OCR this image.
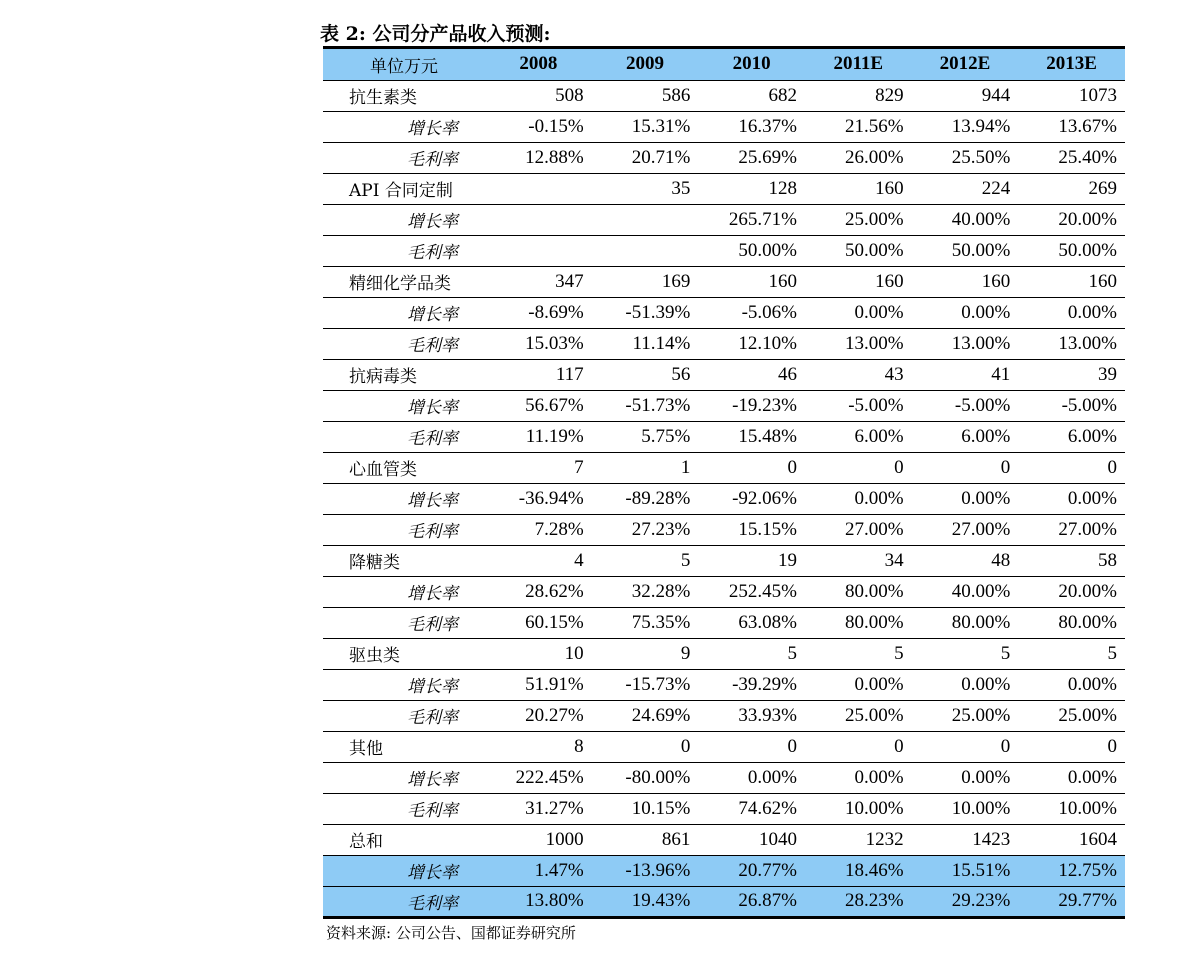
表 2: 公司分产品收入预测:
单位万元	2008	2009	2010	2011E	2012E	2013E
抗生素类	508	586	682	829	944	1073
增长率	-0.15%	15.31%	16.37%	21.56%	13.94%	13.67%
毛利率	12.88%	20.71%	25.69%	26.00%	25.50%	25.40%
API 合同定制		35	128	160	224	269
增长率			265.71%	25.00%	40.00%	20.00%
毛利率			50.00%	50.00%	50.00%	50.00%
精细化学品类	347	169	160	160	160	160
增长率	-8.69%	-51.39%	-5.06%	0.00%	0.00%	0.00%
毛利率	15.03%	11.14%	12.10%	13.00%	13.00%	13.00%
抗病毒类	117	56	46	43	41	39
增长率	56.67%	-51.73%	-19.23%	-5.00%	-5.00%	-5.00%
毛利率	11.19%	5.75%	15.48%	6.00%	6.00%	6.00%
心血管类	7	1	0	0	0	0
增长率	-36.94%	-89.28%	-92.06%	0.00%	0.00%	0.00%
毛利率	7.28%	27.23%	15.15%	27.00%	27.00%	27.00%
降糖类	4	5	19	34	48	58
增长率	28.62%	32.28%	252.45%	80.00%	40.00%	20.00%
毛利率	60.15%	75.35%	63.08%	80.00%	80.00%	80.00%
驱虫类	10	9	5	5	5	5
增长率	51.91%	-15.73%	-39.29%	0.00%	0.00%	0.00%
毛利率	20.27%	24.69%	33.93%	25.00%	25.00%	25.00%
其他	8	0	0	0	0	0
增长率	222.45%	-80.00%	0.00%	0.00%	0.00%	0.00%
毛利率	31.27%	10.15%	74.62%	10.00%	10.00%	10.00%
总和	1000	861	1040	1232	1423	1604
增长率	1.47%	-13.96%	20.77%	18.46%	15.51%	12.75%
毛利率	13.80%	19.43%	26.87%	28.23%	29.23%	29.77%
资料来源: 公司公告、国都证券研究所
